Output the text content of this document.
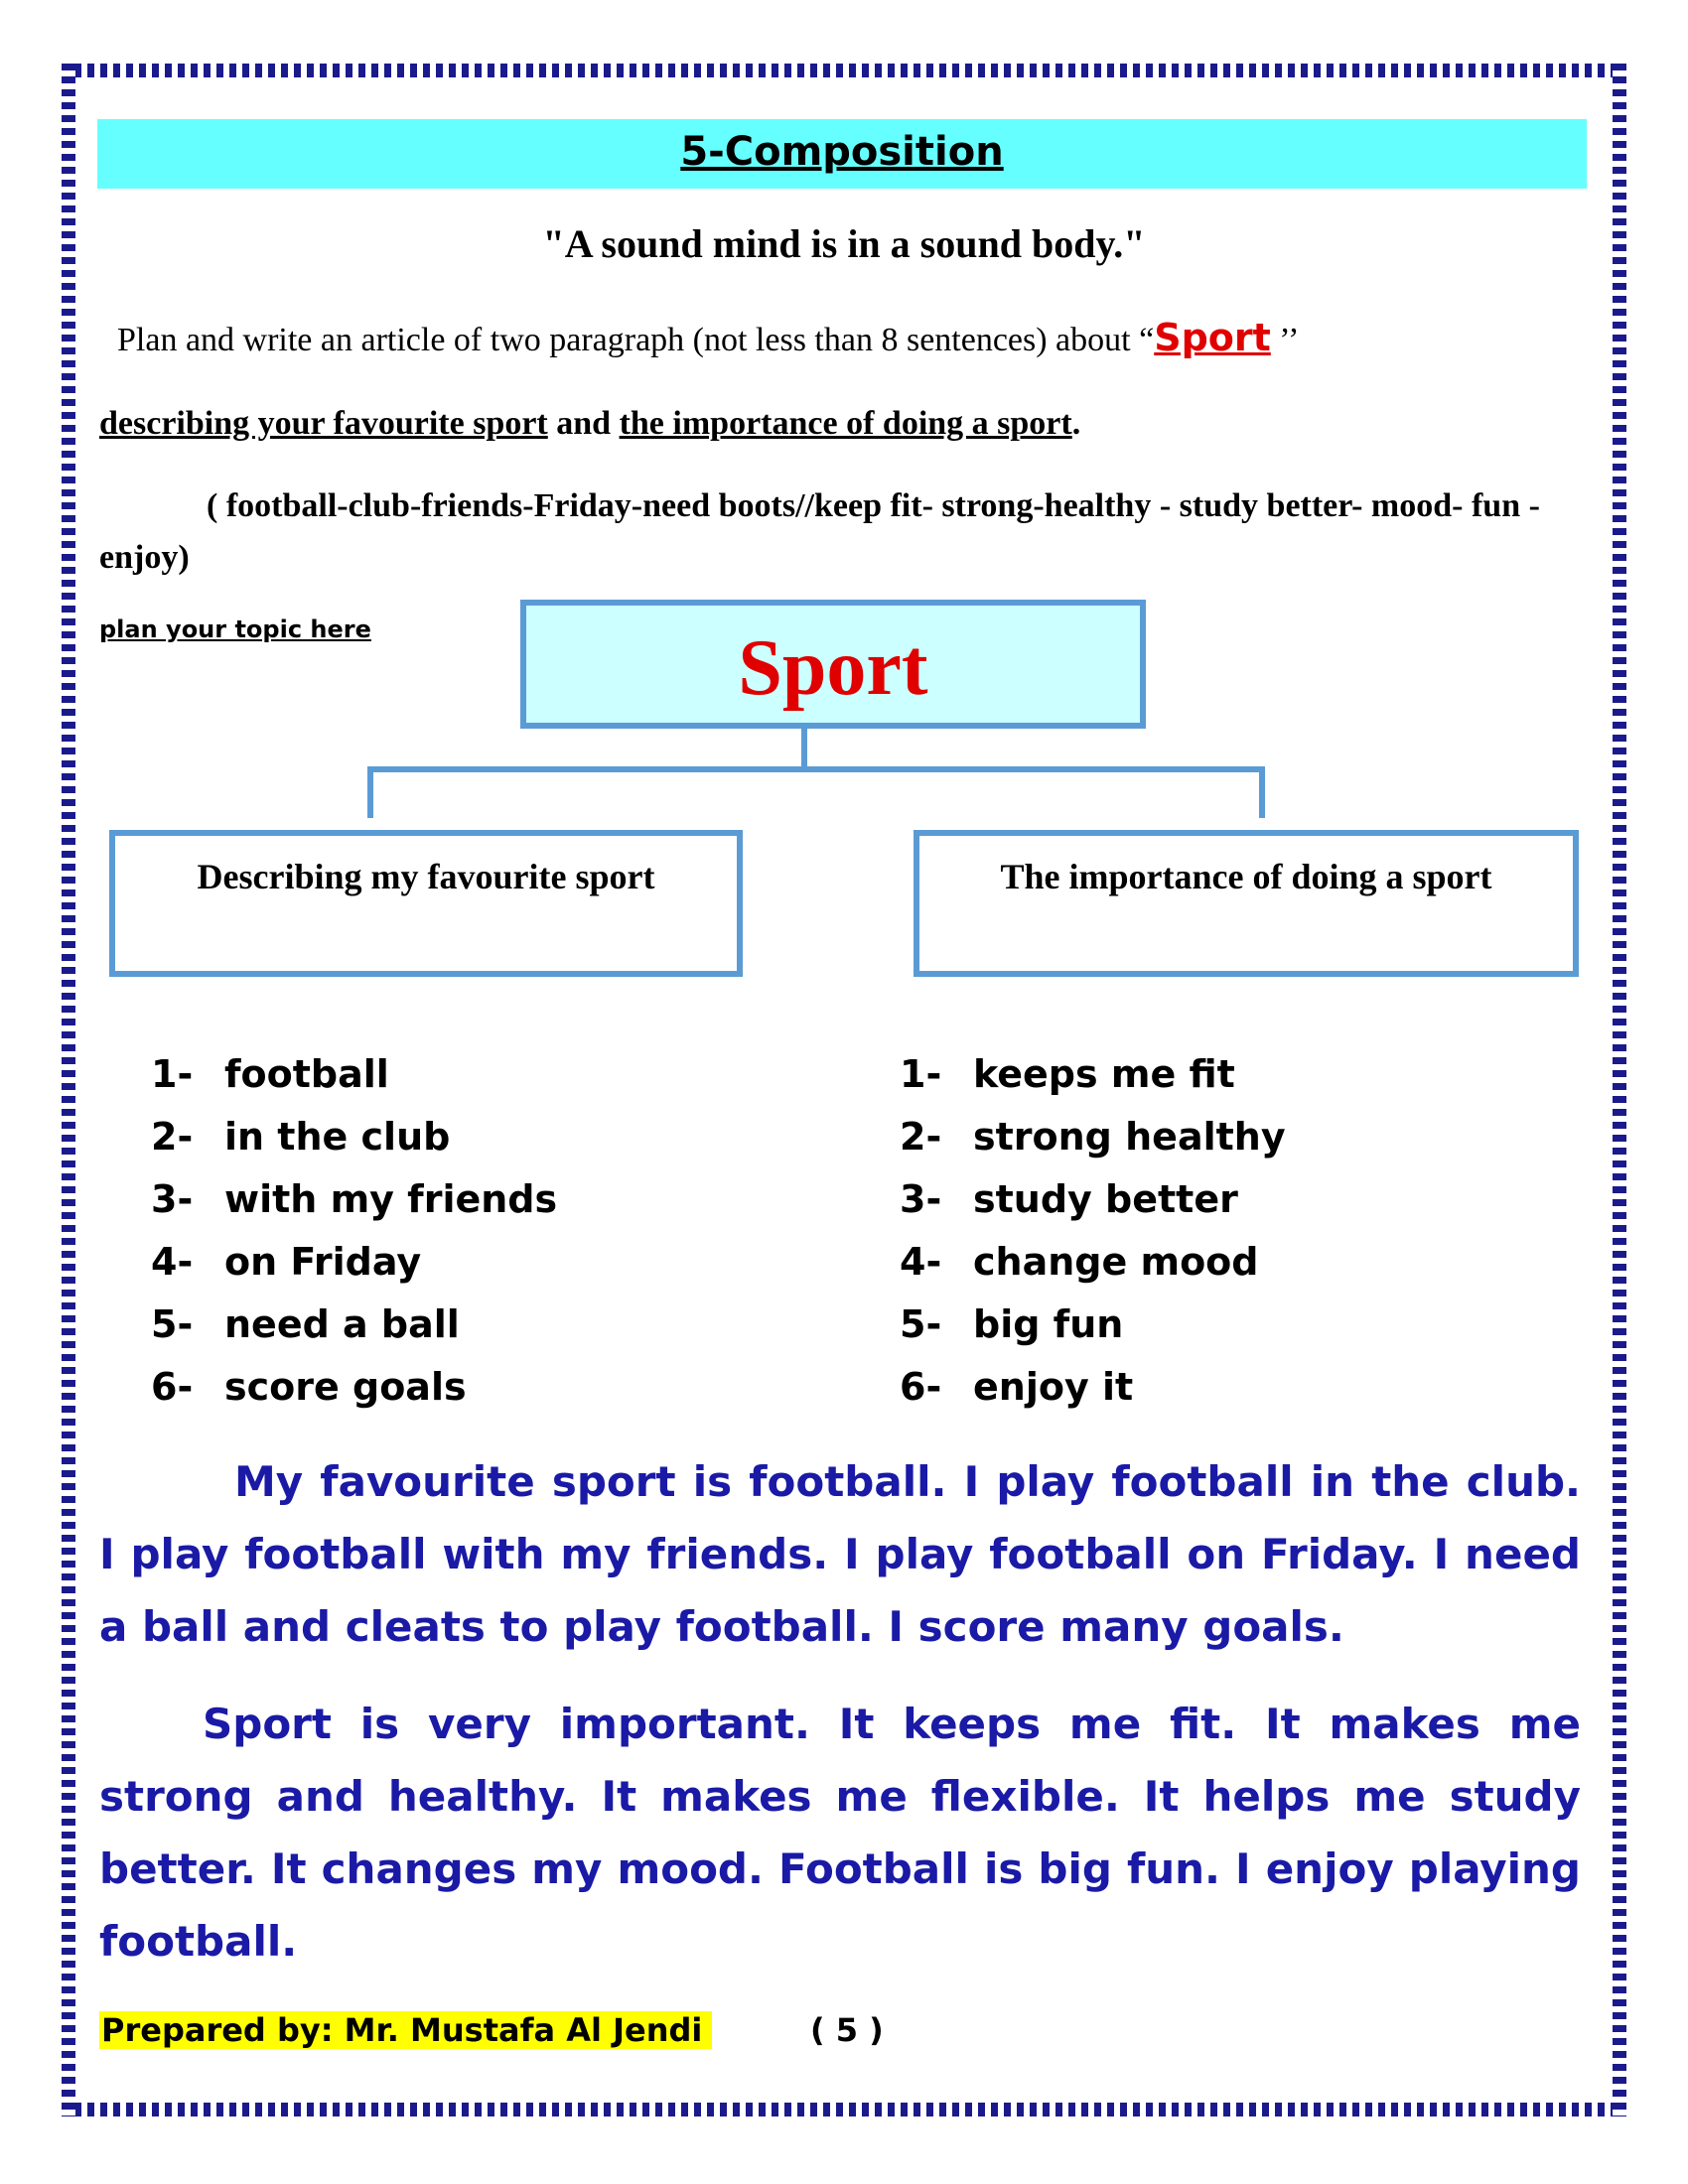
5-Composition
"A sound mind is in a sound body."
Plan and write an article of two paragraph (not less than 8 sentences) about “Sport ’’
describing your favourite sport and the importance of doing a sport.
( football-club-friends-Friday-need boots//keep fit- strong-healthy - study better- mood- fun - enjoy)
plan your topic here	Sport
Describing my favourite sport	The importance of doing a sport
1- football
2- in the club
3- with my friends
4- on Friday
5- need a ball
6- score goals
1- keeps me fit
2- strong healthy
3- study better
4- change mood
5- big fun
6- enjoy it
My favourite sport is football. I play football in the club. I play football with my friends. I play football on Friday. I need a ball and cleats to play football. I score many goals.
Sport is very important. It keeps me fit. It makes me strong and healthy. It makes me flexible. It helps me study better. It changes my mood. Football is big fun. I enjoy playing football.
Prepared by: Mr. Mustafa Al Jendi	( 5 )
